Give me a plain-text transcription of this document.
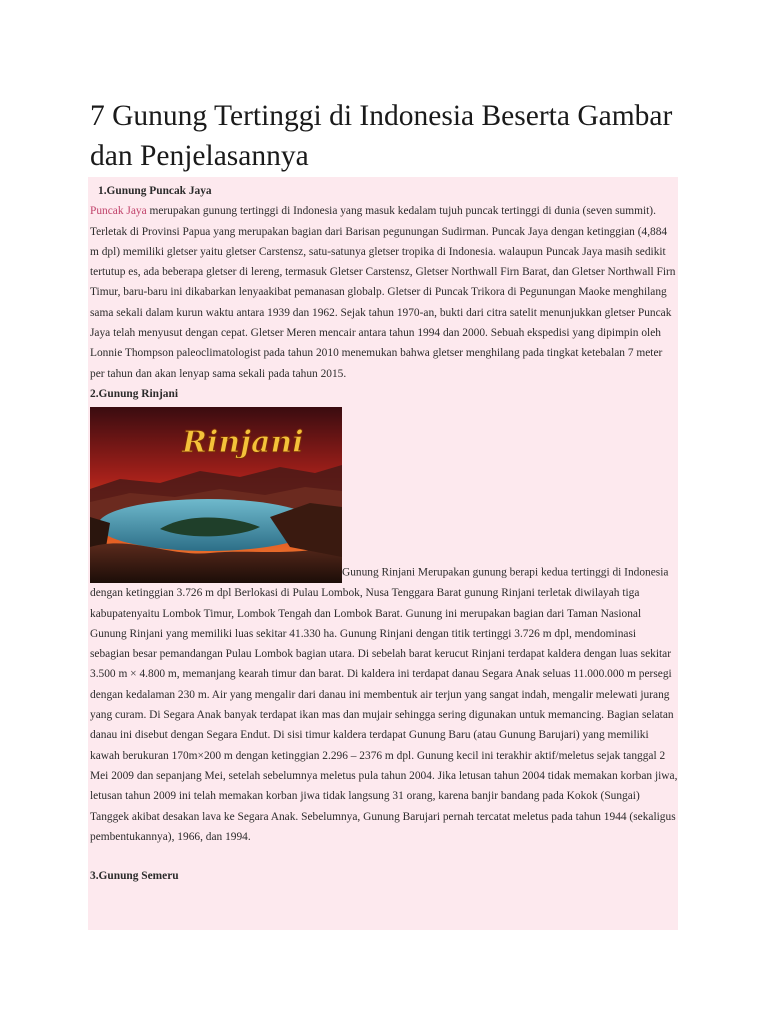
7 Gunung Tertinggi di Indonesia Beserta Gambar dan Penjelasannya

1.Gunung Puncak Jaya

Puncak Jaya merupakan gunung tertinggi di Indonesia yang masuk kedalam tujuh puncak tertinggi di dunia (seven summit). Terletak di Provinsi Papua yang merupakan bagian dari Barisan pegunungan Sudirman. Puncak Jaya dengan ketinggian (4,884 m dpl) memiliki gletser yaitu gletser Carstensz, satu-satunya gletser tropika di Indonesia. walaupun Puncak Jaya masih sedikit tertutup es, ada beberapa gletser di lereng, termasuk Gletser Carstensz, Gletser Northwall Firn Barat, dan Gletser Northwall Firn Timur, baru-baru ini dikabarkan lenyaakibat pemanasan globalp. Gletser di Puncak Trikora di Pegunungan Maoke menghilang sama sekali dalam kurun waktu antara 1939 dan 1962. Sejak tahun 1970-an, bukti dari citra satelit menunjukkan gletser Puncak Jaya telah menyusut dengan cepat. Gletser Meren mencair antara tahun 1994 dan 2000. Sebuah ekspedisi yang dipimpin oleh Lonnie Thompson paleoclimatologist pada tahun 2010 menemukan bahwa gletser menghilang pada tingkat ketebalan 7 meter per tahun dan akan lenyap sama sekali pada tahun 2015.

2.Gunung Rinjani

Rinjani
Gunung Rinjani Merupakan gunung berapi kedua tertinggi di Indonesia dengan ketinggian 3.726 m dpl Berlokasi di Pulau Lombok, Nusa Tenggara Barat gunung Rinjani terletak diwilayah tiga kabupatenyaitu Lombok Timur, Lombok Tengah dan Lombok Barat. Gunung ini merupakan bagian dari Taman Nasional Gunung Rinjani yang memiliki luas sekitar 41.330 ha. Gunung Rinjani dengan titik tertinggi 3.726 m dpl, mendominasi sebagian besar pemandangan Pulau Lombok bagian utara. Di sebelah barat kerucut Rinjani terdapat kaldera dengan luas sekitar 3.500 m × 4.800 m, memanjang kearah timur dan barat. Di kaldera ini terdapat danau Segara Anak seluas 11.000.000 m persegi dengan kedalaman 230 m. Air yang mengalir dari danau ini membentuk air terjun yang sangat indah, mengalir melewati jurang yang curam. Di Segara Anak banyak terdapat ikan mas dan mujair sehingga sering digunakan untuk memancing. Bagian selatan danau ini disebut dengan Segara Endut. Di sisi timur kaldera terdapat Gunung Baru (atau Gunung Barujari) yang memiliki kawah berukuran 170m×200 m dengan ketinggian 2.296 – 2376 m dpl. Gunung kecil ini terakhir aktif/meletus sejak tanggal 2 Mei 2009 dan sepanjang Mei, setelah sebelumnya meletus pula tahun 2004. Jika letusan tahun 2004 tidak memakan korban jiwa, letusan tahun 2009 ini telah memakan korban jiwa tidak langsung 31 orang, karena banjir bandang pada Kokok (Sungai) Tanggek akibat desakan lava ke Segara Anak. Sebelumnya, Gunung Barujari pernah tercatat meletus pada tahun 1944 (sekaligus pembentukannya), 1966, dan 1994.

3.Gunung Semeru
